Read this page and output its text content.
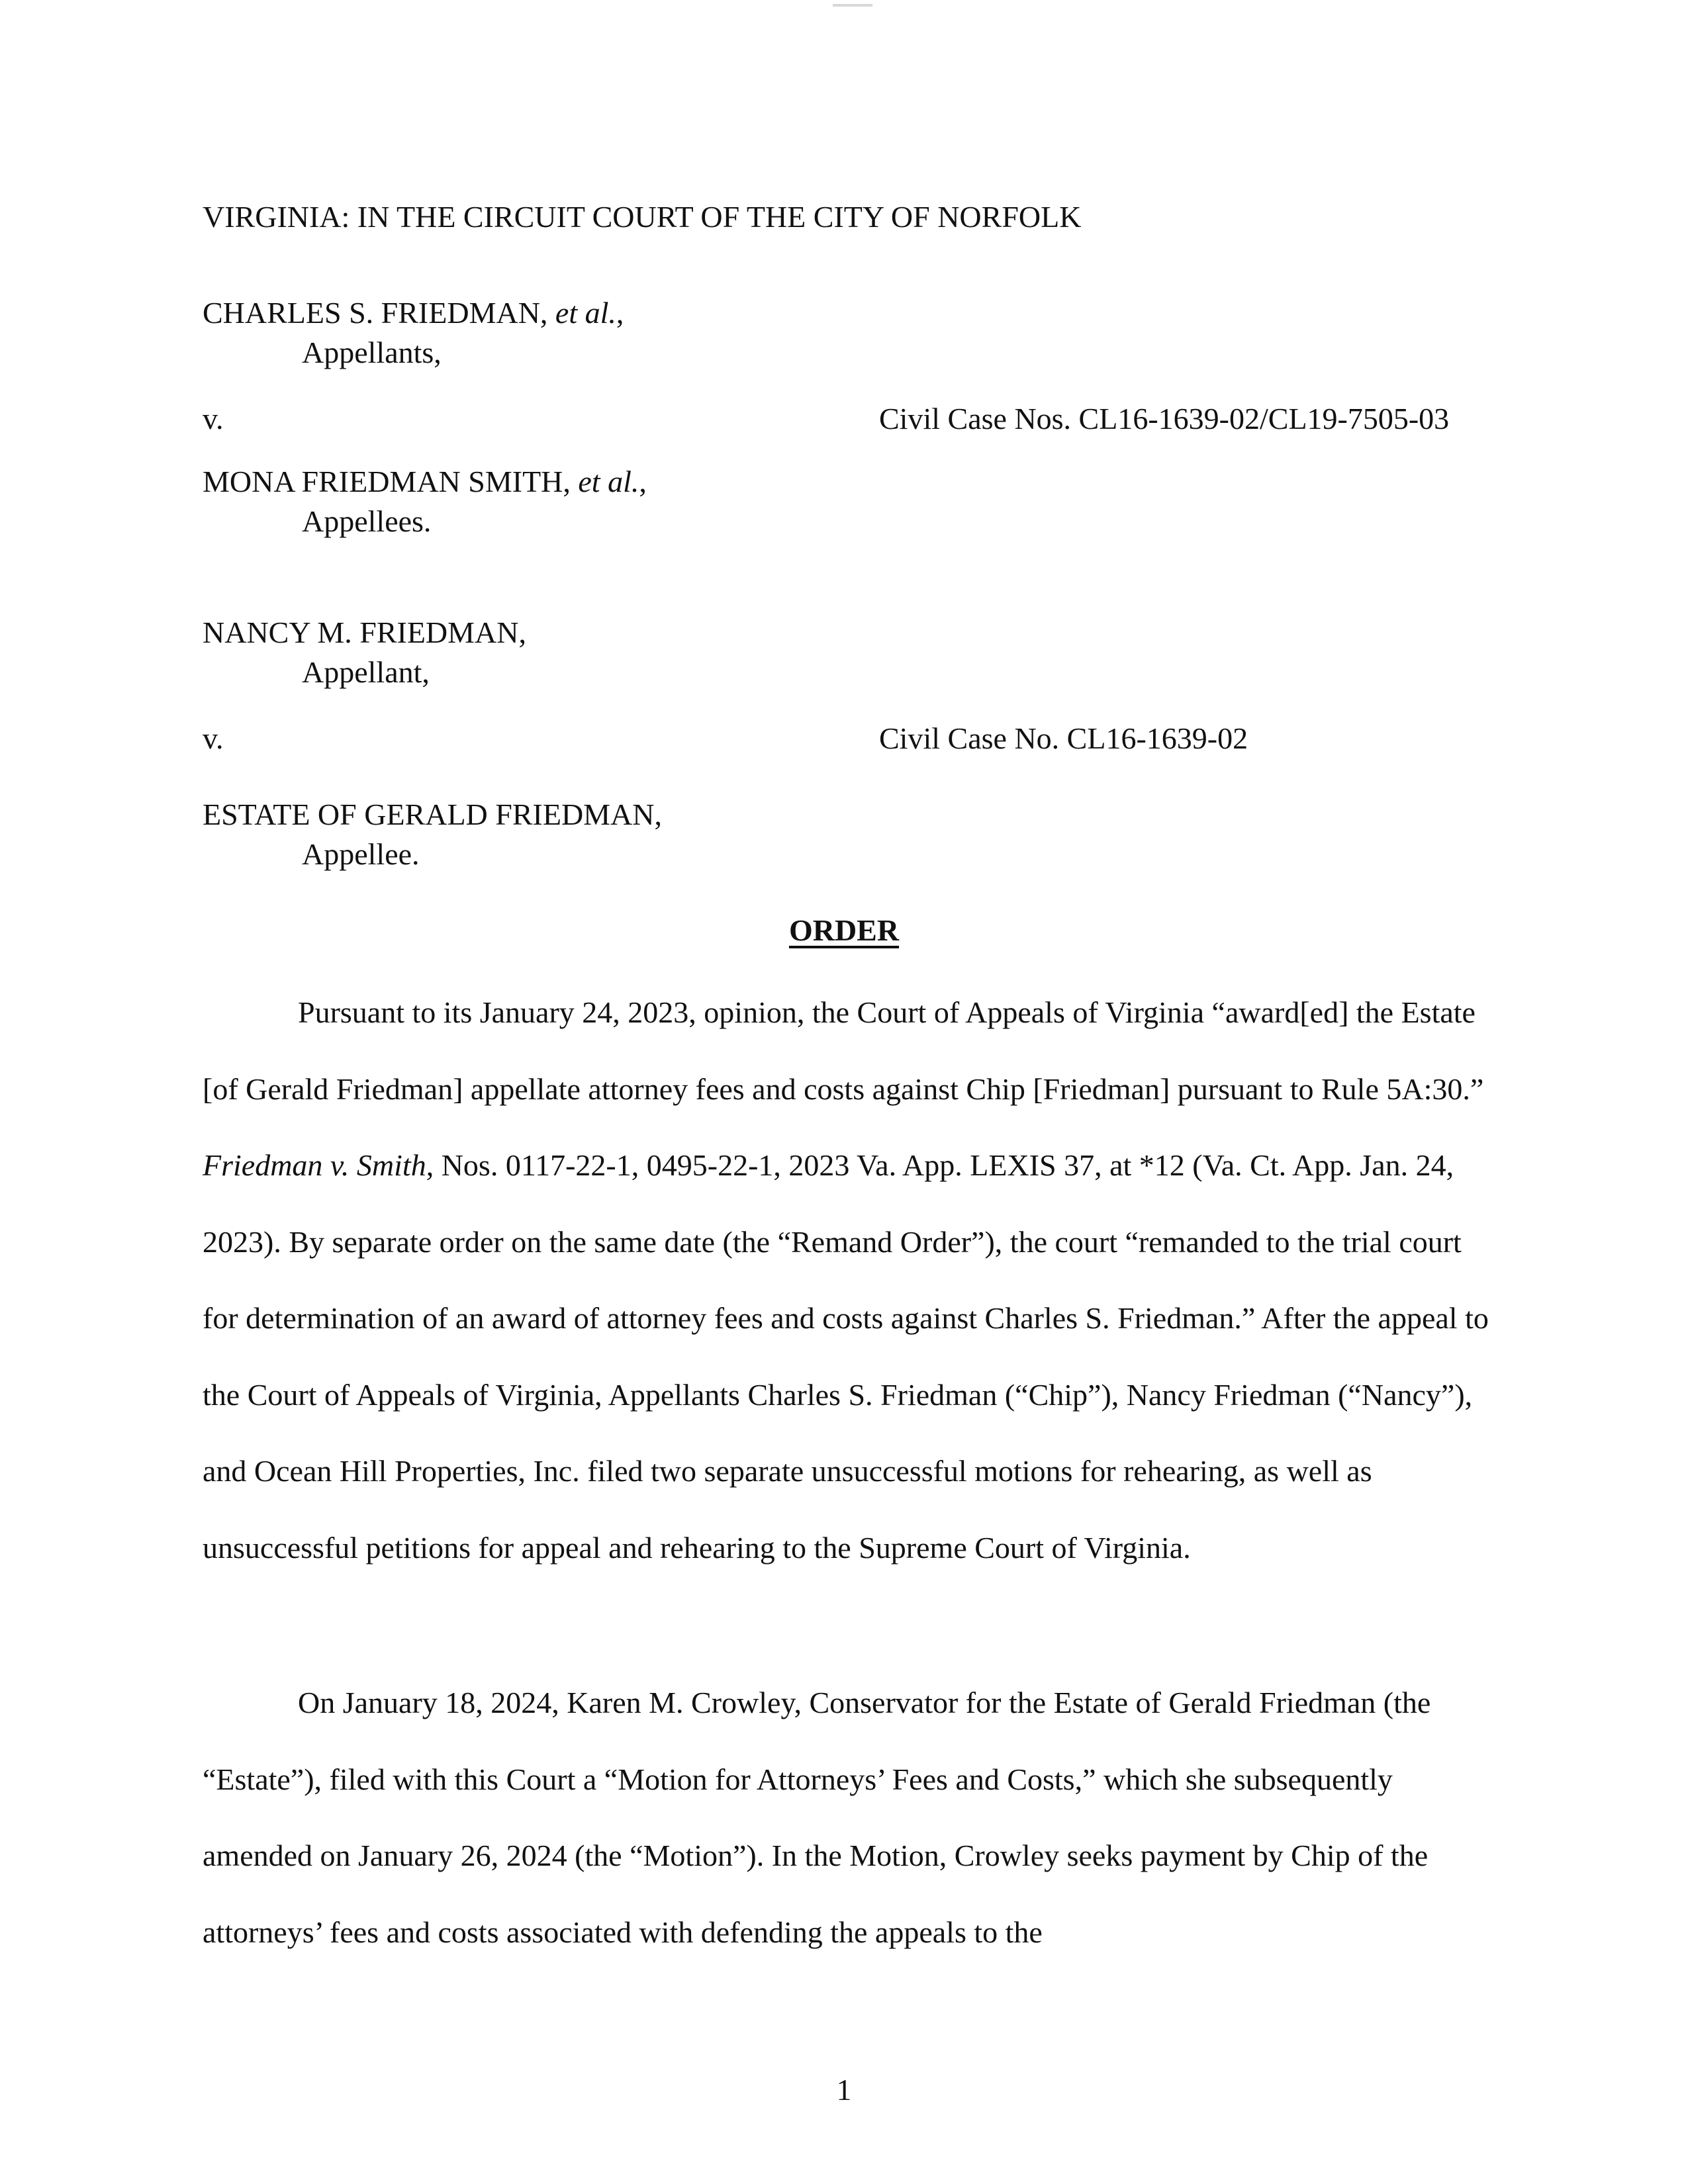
VIRGINIA: IN THE CIRCUIT COURT OF THE CITY OF NORFOLK

CHARLES S. FRIEDMAN, et al.,

Appellants,

v.	Civil Case Nos. CL16-1639-02/CL19-7505-03

MONA FRIEDMAN SMITH, et al.,

Appellees.

NANCY M. FRIEDMAN,

Appellant,

v.	Civil Case No. CL16-1639-02

ESTATE OF GERALD FRIEDMAN,

Appellee.

ORDER

Pursuant to its January 24, 2023, opinion, the Court of Appeals of Virginia “award[ed] the Estate [of Gerald Friedman] appellate attorney fees and costs against Chip [Friedman] pursuant to Rule 5A:30.” Friedman v. Smith, Nos. 0117-22-1, 0495-22-1, 2023 Va. App. LEXIS 37, at *12 (Va. Ct. App. Jan. 24, 2023). By separate order on the same date (the “Remand Order”), the court “remanded to the trial court for determination of an award of attorney fees and costs against Charles S. Friedman.” After the appeal to the Court of Appeals of Virginia, Appellants Charles S. Friedman (“Chip”), Nancy Friedman (“Nancy”), and Ocean Hill Properties, Inc. filed two separate unsuccessful motions for rehearing, as well as unsuccessful petitions for appeal and rehearing to the Supreme Court of Virginia.

On January 18, 2024, Karen M. Crowley, Conservator for the Estate of Gerald Friedman (the “Estate”), filed with this Court a “Motion for Attorneys’ Fees and Costs,” which she subsequently amended on January 26, 2024 (the “Motion”). In the Motion, Crowley seeks payment by Chip of the attorneys’ fees and costs associated with defending the appeals to the

1
